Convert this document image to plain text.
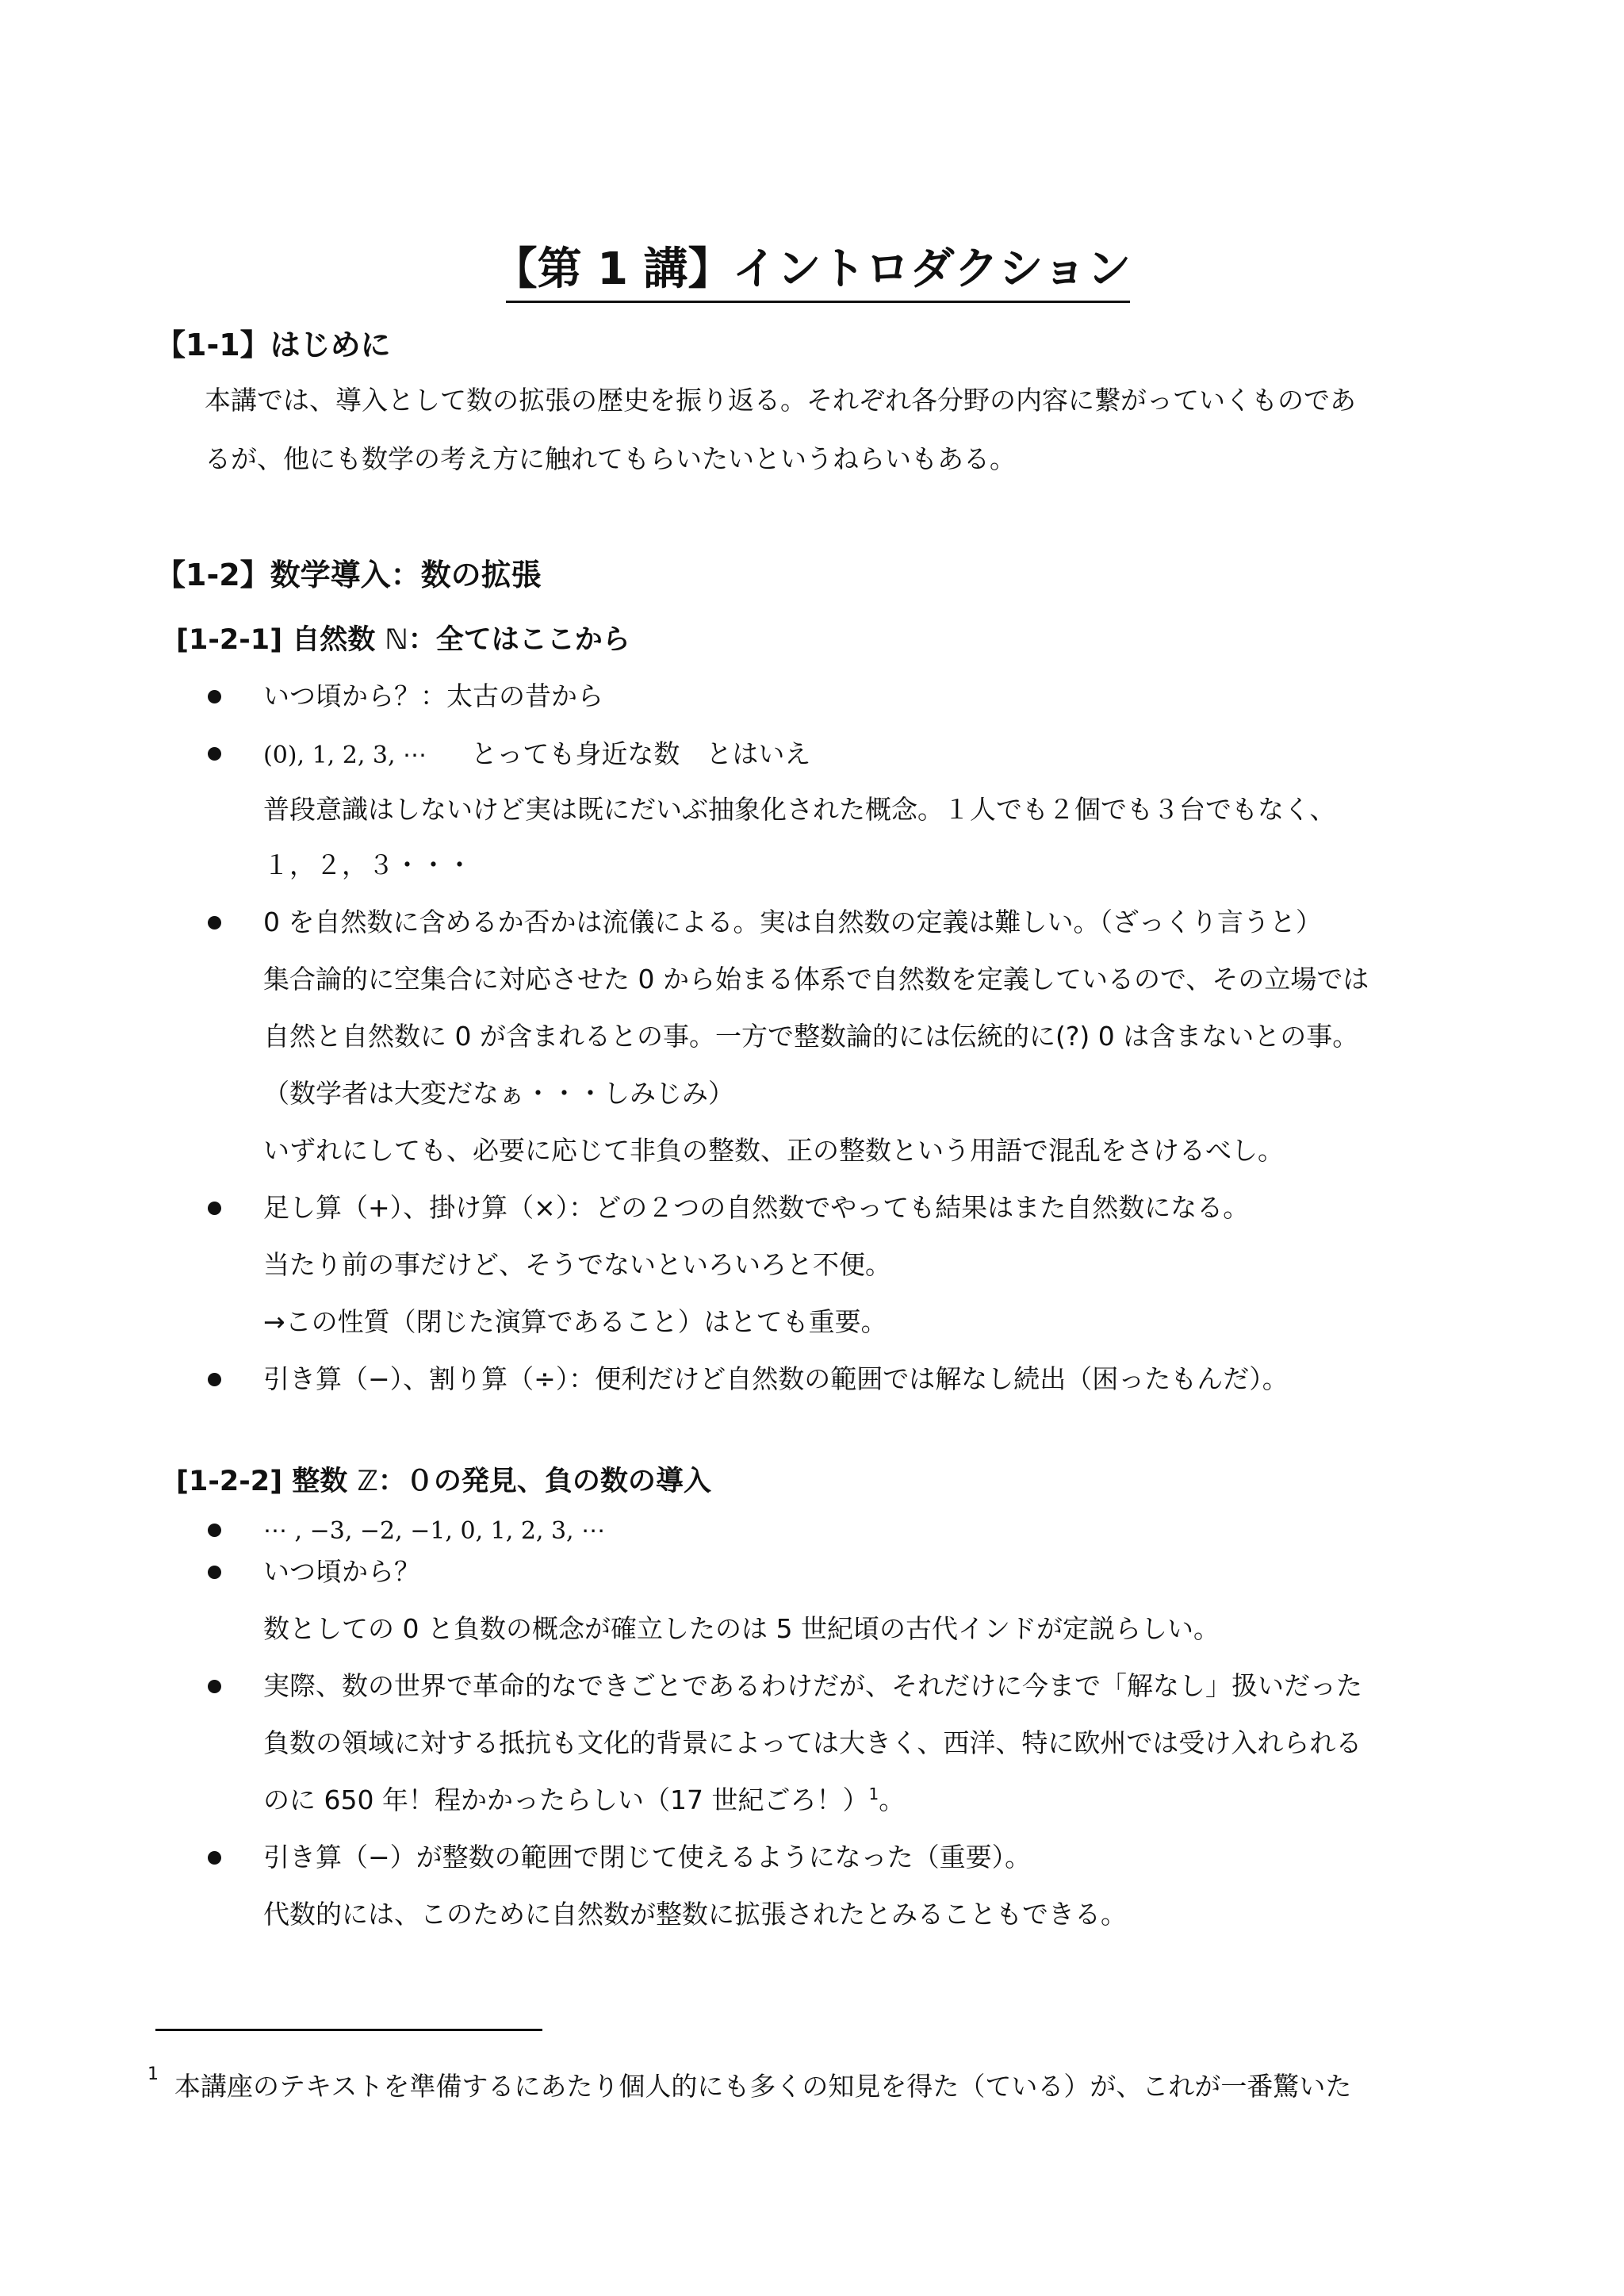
【第 1 講】イントロダクション
【1-1】はじめに
本講では、導入として数の拡張の歴史を振り返る。それぞれ各分野の内容に繋がっていくものであ
るが、他にも数学の考え方に触れてもらいたいというねらいもある。
【1-2】数学導入：数の拡張
[1-2-1] 自然数 ℕ：全てはここから
いつ頃から？：太古の昔から
(0), 1, 2, 3, ⋯ とっても身近な数　とはいえ
普段意識はしないけど実は既にだいぶ抽象化された概念。１人でも２個でも３台でもなく、
１，２，３・・・
0 を自然数に含めるか否かは流儀による。実は自然数の定義は難しい。（ざっくり言うと）
集合論的に空集合に対応させた 0 から始まる体系で自然数を定義しているので、その立場では
自然と自然数に 0 が含まれるとの事。一方で整数論的には伝統的に(?) 0 は含まないとの事。
（数学者は大変だなぁ・・・しみじみ）
いずれにしても、必要に応じて非負の整数、正の整数という用語で混乱をさけるべし。
足し算（+）、掛け算（×）：どの２つの自然数でやっても結果はまた自然数になる。
当たり前の事だけど、そうでないといろいろと不便。
→この性質（閉じた演算であること）はとても重要。
引き算（−）、割り算（÷）：便利だけど自然数の範囲では解なし続出（困ったもんだ）。
[1-2-2] 整数 ℤ：０の発見、負の数の導入
⋯ , −3, −2, −1, 0, 1, 2, 3, ⋯
いつ頃から？
数としての 0 と負数の概念が確立したのは 5 世紀頃の古代インドが定説らしい。
実際、数の世界で革命的なできごとであるわけだが、それだけに今まで「解なし」扱いだった
負数の領域に対する抵抗も文化的背景によっては大きく、西洋、特に欧州では受け入れられる
のに 650 年！程かかったらしい（17 世紀ごろ！）$^1$。
引き算（−）が整数の範囲で閉じて使えるようになった（重要）。
代数的には、このために自然数が整数に拡張されたとみることもできる。
1 本講座のテキストを準備するにあたり個人的にも多くの知見を得た（ている）が、これが一番驚いた
